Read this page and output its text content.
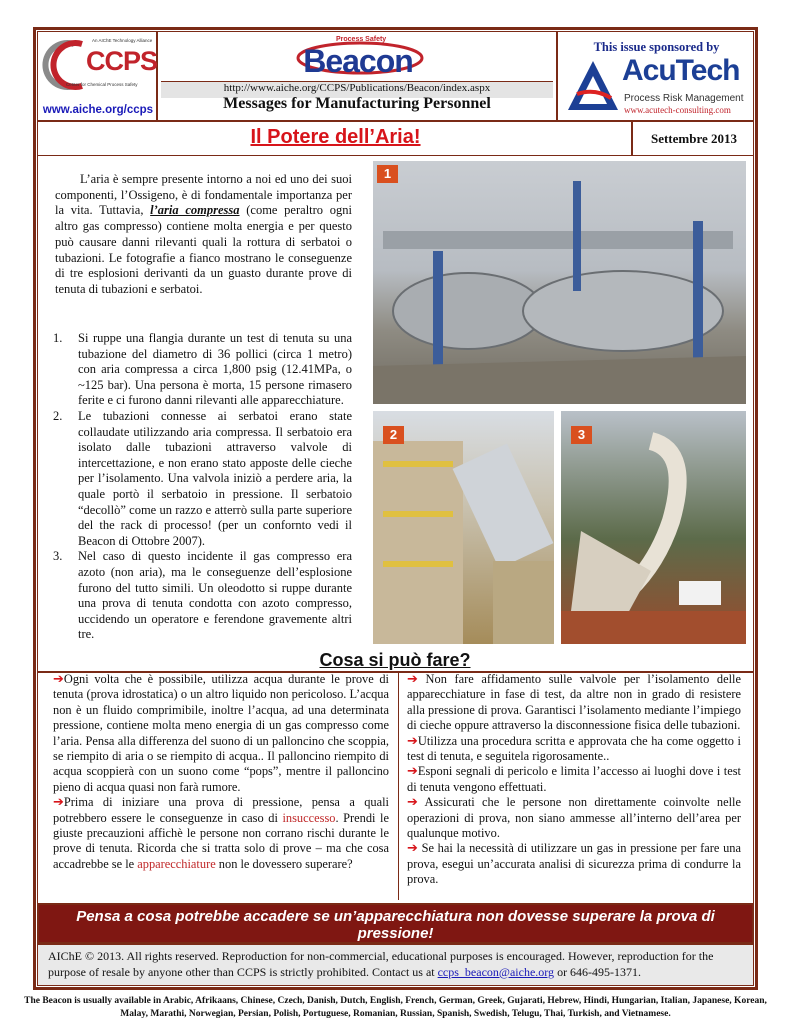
An AIChE Technology Alliance
CCPS
Center for Chemical Process Safety
www.aiche.org/ccps
Process Safety
Beacon
http://www.aiche.org/CCPS/Publications/Beacon/index.aspx
Messages for Manufacturing Personnel
This issue sponsored by
AcuTech
Process Risk Management
www.acutech-consulting.com
Il Potere dell’Aria!	Settembre 2013

L’aria è sempre presente intorno a noi ed uno dei suoi componenti, l’Ossigeno, è di fondamentale importanza per la vita. Tuttavia, l’aria compressa (come peraltro ogni altro gas compresso) contiene molta energia e per questo può causare danni rilevanti quali la rottura di serbatoi o tubazioni. Le fotografie a fianco mostrano le conseguenze di tre esplosioni derivanti da un guasto durante prove di tenuta di tubazioni e serbatoi.

1. Si ruppe una flangia durante un test di tenuta su una tubazione del diametro di 36 pollici (circa 1 metro) con aria compressa a circa 1,800 psig (12.41MPa, o ~125 bar). Una persona è morta, 15 persone rimasero ferite e ci furono danni rilevanti alle apparecchiature.
2. Le tubazioni connesse ai serbatoi erano state collaudate utilizzando aria compressa. Il serbatoio era isolato dalle tubazioni attraverso valvole di intercettazione, e non erano stato apposte delle cieche per l’isolamento. Una valvola iniziò a perdere aria, la quale portò il serbatoio in pressione. Il serbatoio “decollò” come un razzo e atterrò sulla parte superiore del the rack di processo! (per un confornto vedi il Beacon di Ottobre 2007).
3. Nel caso di questo incidente il gas compresso era azoto (non aria), ma le conseguenze dell’esplosione furono del tutto simili. Un oleodotto si ruppe durante una prova di tenuta condotta con azoto compresso, uccidendo un operatore e ferendone gravemente altri tre.
1
2	3
Cosa si può fare?

➔Ogni volta che è possibile, utilizza acqua durante le prove di tenuta (prova idrostatica) o un altro liquido non pericoloso. L’acqua non è un fluido comprimibile, inoltre l’acqua, ad una determinata pressione, contiene molta meno energia di un gas compresso come l’aria. Pensa alla differenza del suono di un palloncino che scoppia, se riempito di aria o se riempito di acqua.. Il palloncino riempito di acqua scoppierà con un suono come “pops”, mentre il palloncino pieno di acqua quasi non farà rumore.

➔Prima di iniziare una prova di pressione, pensa a quali potrebbero essere le conseguenze in caso di insuccesso. Prendi le giuste precauzioni affichè le persone non corrano rischi durante le prove di tenuta. Ricorda che si tratta solo di prove – ma che cosa accadrebbe se le apparecchiature non le dovessero superare?

➔ Non fare affidamento sulle valvole per l’isolamento delle apparecchiature in fase di test, da altre non in grado di resistere alla pressione di prova. Garantisci l’isolamento mediante l’impiego di cieche oppure attraverso la disconnessione fisica delle tubazioni.

➔Utilizza una procedura scritta e approvata che ha come oggetto i test di tenuta, e seguitela rigorosamente..

➔Esponi segnali di pericolo e limita l’accesso ai luoghi dove i test di tenuta vengono effettuati.

➔ Assicurati che le persone non direttamente coinvolte nelle operazioni di prova, non siano ammesse all’interno dell’area per qualunque motivo.

➔ Se hai la necessità di utilizzare un gas in pressione per fare una prova, esegui un’accurata analisi di sicurezza prima di condurre la prova.

Pensa a cosa potrebbe accadere se un’apparecchiatura non dovesse superare la prova di pressione!

AIChE © 2013. All rights reserved. Reproduction for non-commercial, educational purposes is encouraged. However, reproduction for the purpose of resale by anyone other than CCPS is strictly prohibited. Contact us at ccps_beacon@aiche.org or 646-495-1371.

The Beacon is usually available in Arabic, Afrikaans, Chinese, Czech, Danish, Dutch, English, French, German, Greek, Gujarati, Hebrew, Hindi, Hungarian, Italian, Japanese, Korean, Malay, Marathi, Norwegian, Persian, Polish, Portuguese, Romanian, Russian, Spanish, Swedish, Telugu, Thai, Turkish, and Vietnamese.
